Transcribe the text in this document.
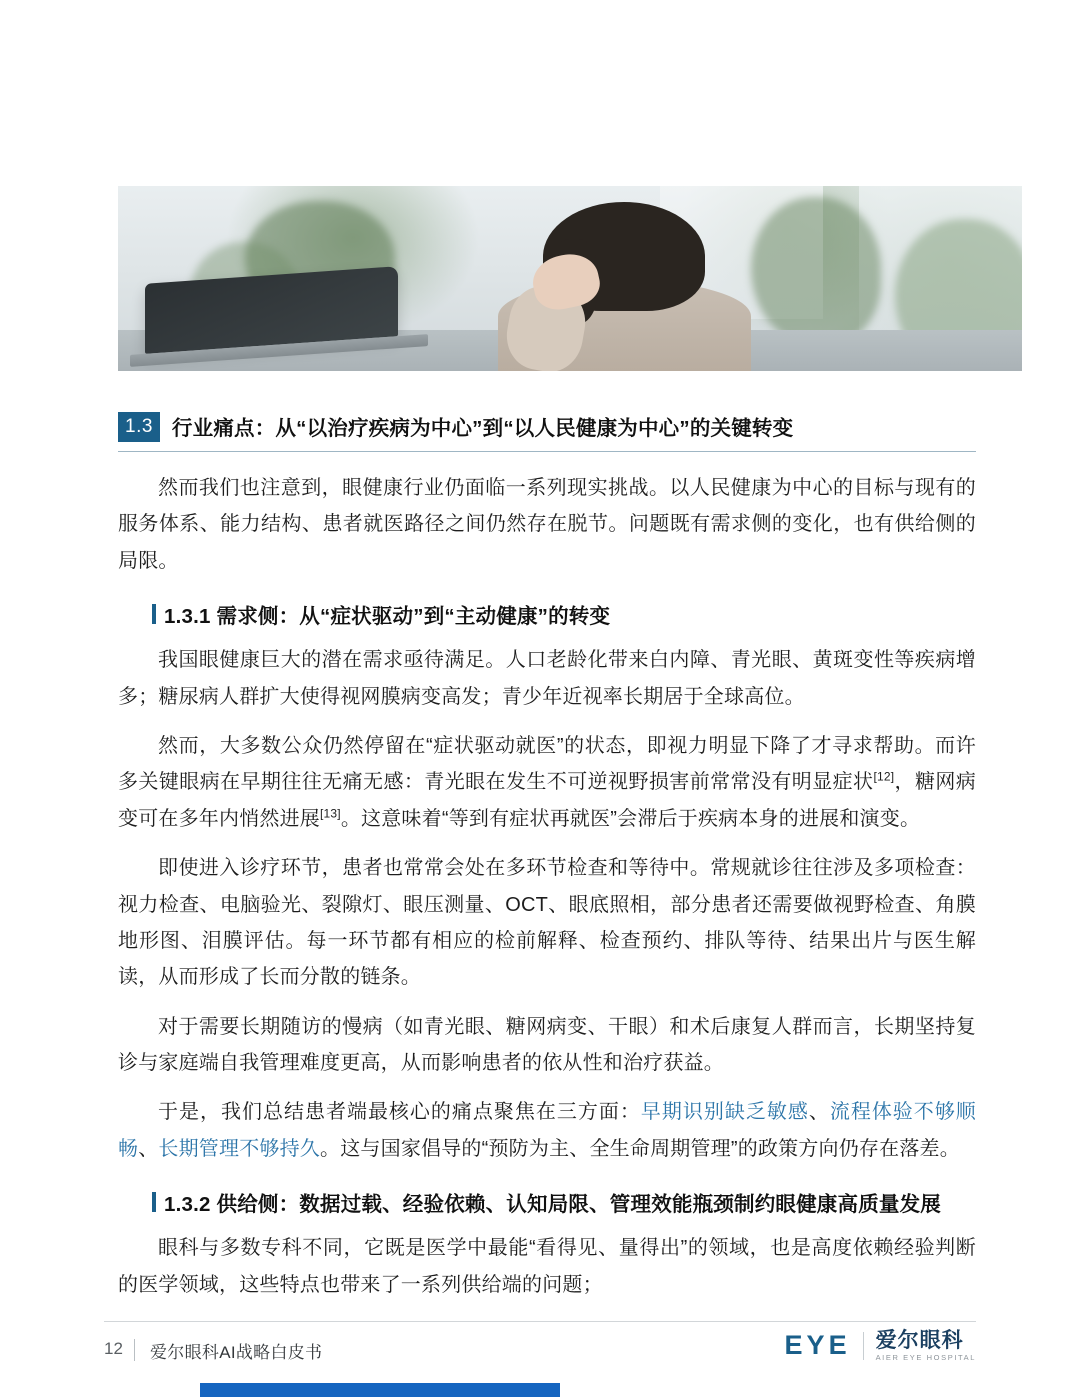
1.3 行业痛点：从“以治疗疾病为中心”到“以人民健康为中心”的关键转变

然而我们也注意到，眼健康行业仍面临一系列现实挑战。以人民健康为中心的目标与现有的服务体系、能力结构、患者就医路径之间仍然存在脱节。问题既有需求侧的变化，也有供给侧的局限。

1.3.1 需求侧：从“症状驱动”到“主动健康”的转变

我国眼健康巨大的潜在需求亟待满足。人口老龄化带来白内障、青光眼、黄斑变性等疾病增多；糖尿病人群扩大使得视网膜病变高发；青少年近视率长期居于全球高位。

然而，大多数公众仍然停留在“症状驱动就医”的状态，即视力明显下降了才寻求帮助。而许多关键眼病在早期往往无痛无感：青光眼在发生不可逆视野损害前常常没有明显症状[12]，糖网病变可在多年内悄然进展[13]。这意味着“等到有症状再就医”会滞后于疾病本身的进展和演变。

即使进入诊疗环节，患者也常常会处在多环节检查和等待中。常规就诊往往涉及多项检查：视力检查、电脑验光、裂隙灯、眼压测量、OCT、眼底照相，部分患者还需要做视野检查、角膜地形图、泪膜评估。每一环节都有相应的检前解释、检查预约、排队等待、结果出片与医生解读，从而形成了长而分散的链条。

对于需要长期随访的慢病（如青光眼、糖网病变、干眼）和术后康复人群而言，长期坚持复诊与家庭端自我管理难度更高，从而影响患者的依从性和治疗获益。

于是，我们总结患者端最核心的痛点聚焦在三方面：早期识别缺乏敏感、流程体验不够顺畅、长期管理不够持久。这与国家倡导的“预防为主、全生命周期管理”的政策方向仍存在落差。

1.3.2 供给侧：数据过载、经验依赖、认知局限、管理效能瓶颈制约眼健康高质量发展

眼科与多数专科不同，它既是医学中最能“看得见、量得出”的领域，也是高度依赖经验判断的医学领域，这些特点也带来了一系列供给端的问题；

12 爱尔眼科AI战略白皮书	EYE 爱尔眼科
AIER EYE HOSPITAL
